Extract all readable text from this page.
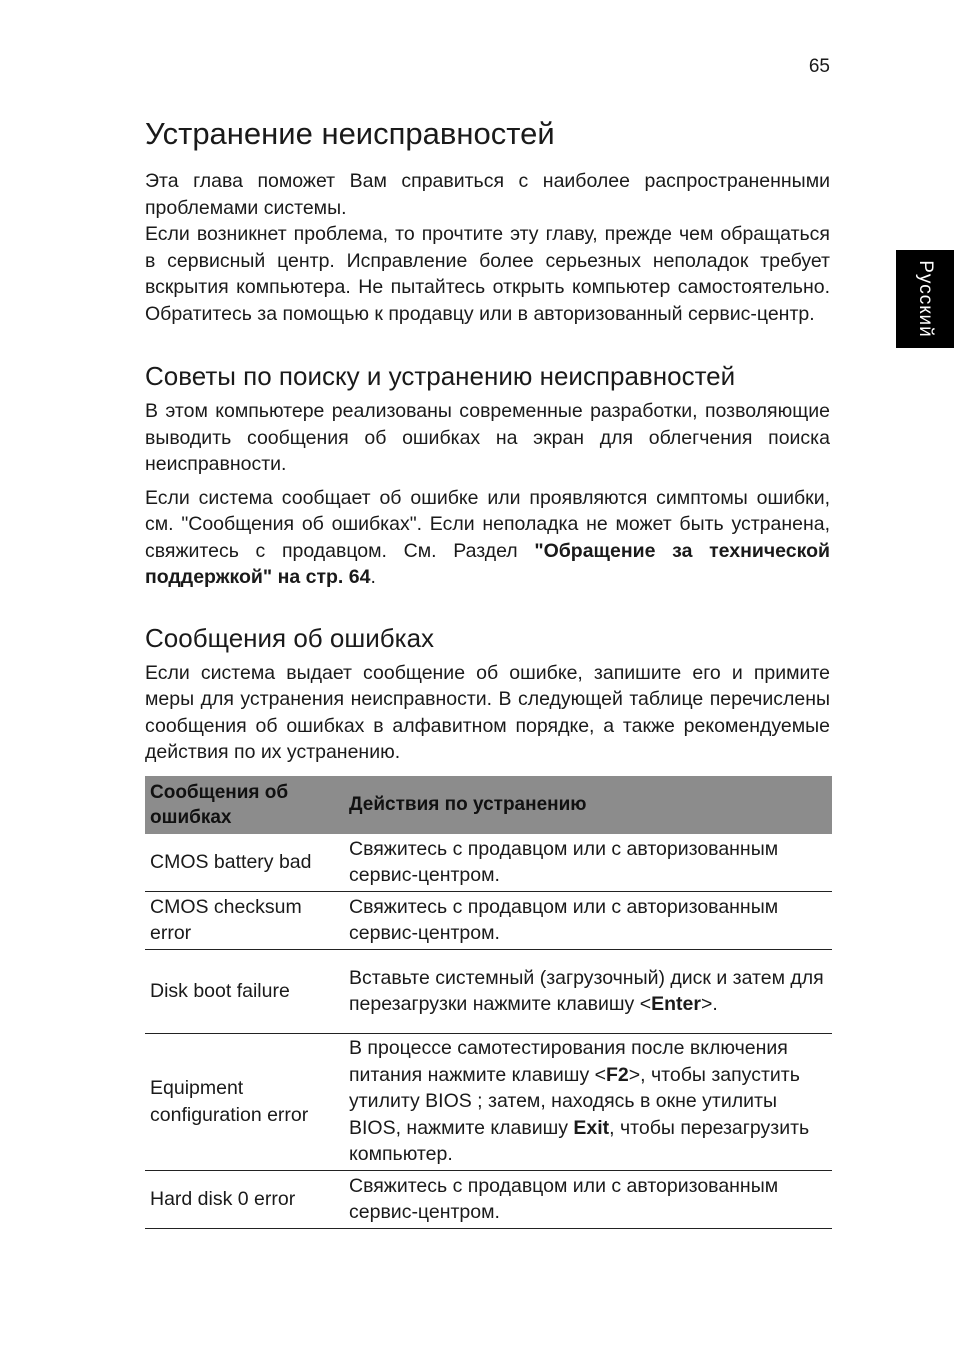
65
Русский
Устранение неисправностей

Эта глава поможет Вам справиться с наиболее распространенными проблемами системы.

Если возникнет проблема, то прочтите эту главу, прежде чем обращаться в сервисный центр. Исправление более серьезных неполадок требует вскрытия компьютера. Не пытайтесь открыть компьютер самостоятельно. Обратитесь за помощью к продавцу или в авторизованный сервис-центр.

Советы по поиску и устранению неисправностей

В этом компьютере реализованы современные разработки, позволяющие выводить сообщения об ошибках на экран для облегчения поиска неисправности.

Если система сообщает об ошибке или проявляются симптомы ошибки, см. "Сообщения об ошибках". Если неполадка не может быть устранена, свяжитесь с продавцом. См. Раздел "Обращение за технической поддержкой" на стр. 64.

Сообщения об ошибках

Если система выдает сообщение об ошибке, запишите его и примите меры для устранения неисправности. В следующей таблице перечислены сообщения об ошибках в алфавитном порядке, а также рекомендуемые действия по их устранению.

Сообщения об ошибках	Действия по устранению
CMOS battery bad	Свяжитесь с продавцом или с авторизованным сервис-центром.
CMOS checksum error	Свяжитесь с продавцом или с авторизованным сервис-центром.
Disk boot failure	Вставьте системный (загрузочный) диск и затем для перезагрузки нажмите клавишу <Enter>.
Equipment configuration error	В процессе самотестирования после включения питания нажмите клавишу <F2>, чтобы запустить утилиту BIOS ; затем, находясь в окне утилиты BIOS, нажмите клавишу Exit, чтобы перезагрузить компьютер.
Hard disk 0 error	Свяжитесь с продавцом или с авторизованным сервис-центром.
